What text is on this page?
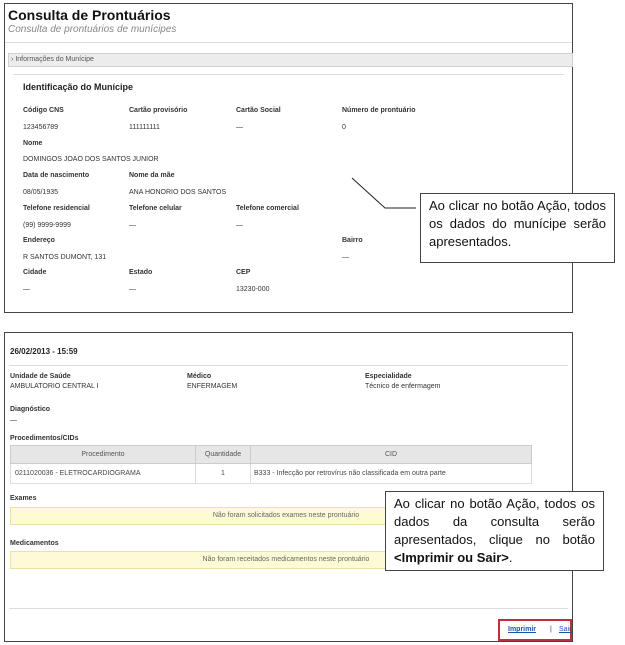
Consulta de Prontuários
Consulta de prontuários de munícipes
› Informações do Munícipe
Identificação do Munícipe
Código CNS	Cartão provisório	Cartão Social	Número de prontuário
123456789	111111111	—	0
Nome
DOMINGOS JOAO DOS SANTOS JUNIOR
Data de nascimento	Nome da mãe
08/05/1935	ANA HONORIO DOS SANTOS
Telefone residencial	Telefone celular	Telefone comercial
(99) 9999-9999	—	—
Endereço	Bairro
R SANTOS DUMONT, 131	—
Cidade	Estado	CEP
—	—	13230-000
Ao clicar no botão Ação, todos os dados do munícipe serão apresentados.
26/02/2013 - 15:59
Unidade de Saúde	Médico	Especialidade
AMBULATORIO CENTRAL I	ENFERMAGEM	Técnico de enfermagem
Diagnóstico
—
Procedimentos/CIDs
Procedimento	Quantidade	CID
0211020036 - ELETROCARDIOGRAMA	1	B333 - Infecção por retrovírus não classificada em outra parte
Exames
Não foram solicitados exames neste prontuário
Medicamentos
Não foram receitados medicamentos neste prontuário
Imprimir | Sair
Ao clicar no botão Ação, todos os dados da consulta serão apresentados, clique no botão <Imprimir ou Sair>.
